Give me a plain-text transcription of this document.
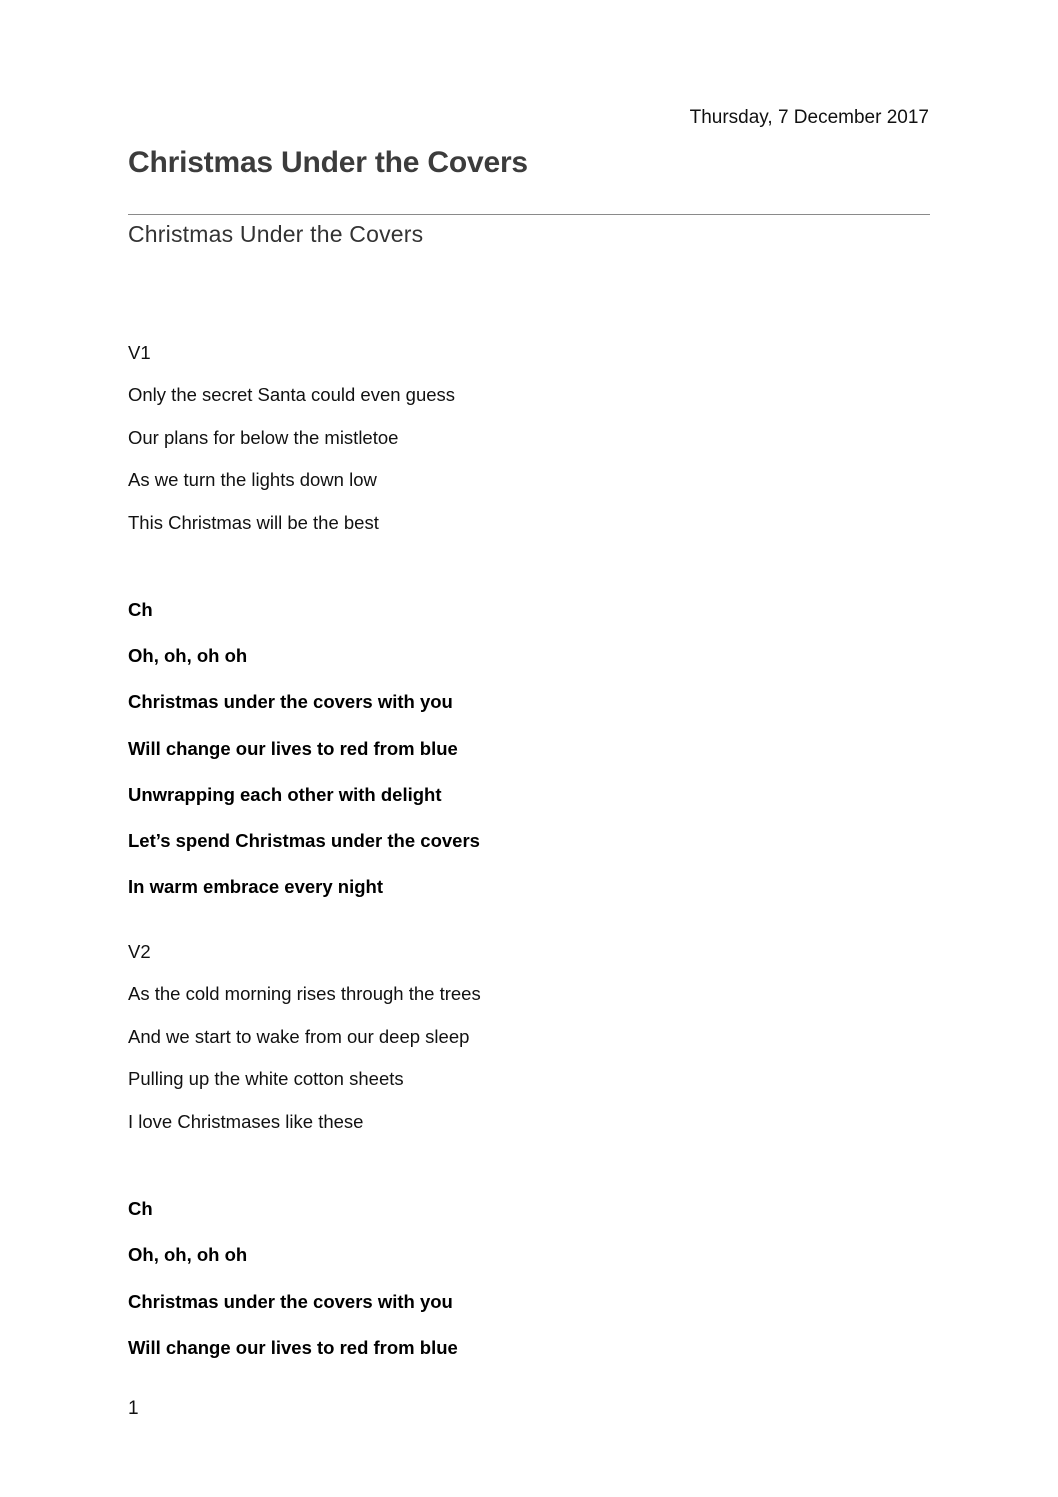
Thursday, 7 December 2017
Christmas Under the Covers
Christmas Under the Covers
V1
Only the secret Santa could even guess
Our plans for below the mistletoe
As we turn the lights down low
This Christmas will be the best
Ch
Oh, oh, oh oh
Christmas under the covers with you
Will change our lives to red from blue
Unwrapping each other with delight
Let’s spend Christmas under the covers
In warm embrace every night
V2
As the cold morning rises through the trees
And we start to wake from our deep sleep
Pulling up the white cotton sheets
I love Christmases like these
Ch
Oh, oh, oh oh
Christmas under the covers with you
Will change our lives to red from blue
1
